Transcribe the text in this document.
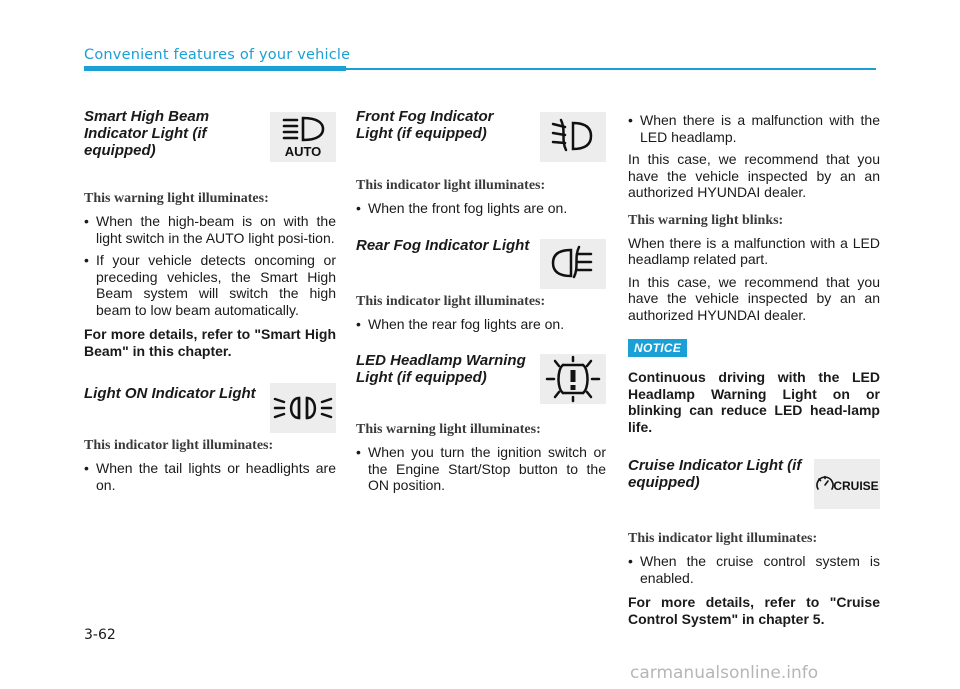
Convenient features of your vehicle
Smart High Beam Indicator Light (if equipped)	AUTO

This warning light illuminates:

• When the high-beam is on with the light switch in the AUTO light posi-tion.
• If your vehicle detects oncoming or preceding vehicles, the Smart High Beam system will switch the high beam to low beam automatically.

For more details, refer to "Smart High Beam" in this chapter.

Light ON Indicator Light

This indicator light illuminates:

• When the tail lights or headlights are on.
Front Fog Indicator Light (if equipped)

This indicator light illuminates:

• When the front fog lights are on.
Rear Fog Indicator Light

This indicator light illuminates:

• When the rear fog lights are on.
LED Headlamp Warning Light (if equipped)

This warning light illuminates:

• When you turn the ignition switch or the Engine Start/Stop button to the ON position.
• When there is a malfunction with the LED headlamp.

In this case, we recommend that you have the vehicle inspected by an an authorized HYUNDAI dealer.

This warning light blinks:

When there is a malfunction with a LED headlamp related part.

In this case, we recommend that you have the vehicle inspected by an an authorized HYUNDAI dealer.

NOTICE

Continuous driving with the LED Headlamp Warning Light on or blinking can reduce LED head-lamp life.

Cruise Indicator Light (if equipped)	CRUISE

This indicator light illuminates:

• When the cruise control system is enabled.

For more details, refer to "Cruise Control System" in chapter 5.

3-62
carmanualsonline.info
